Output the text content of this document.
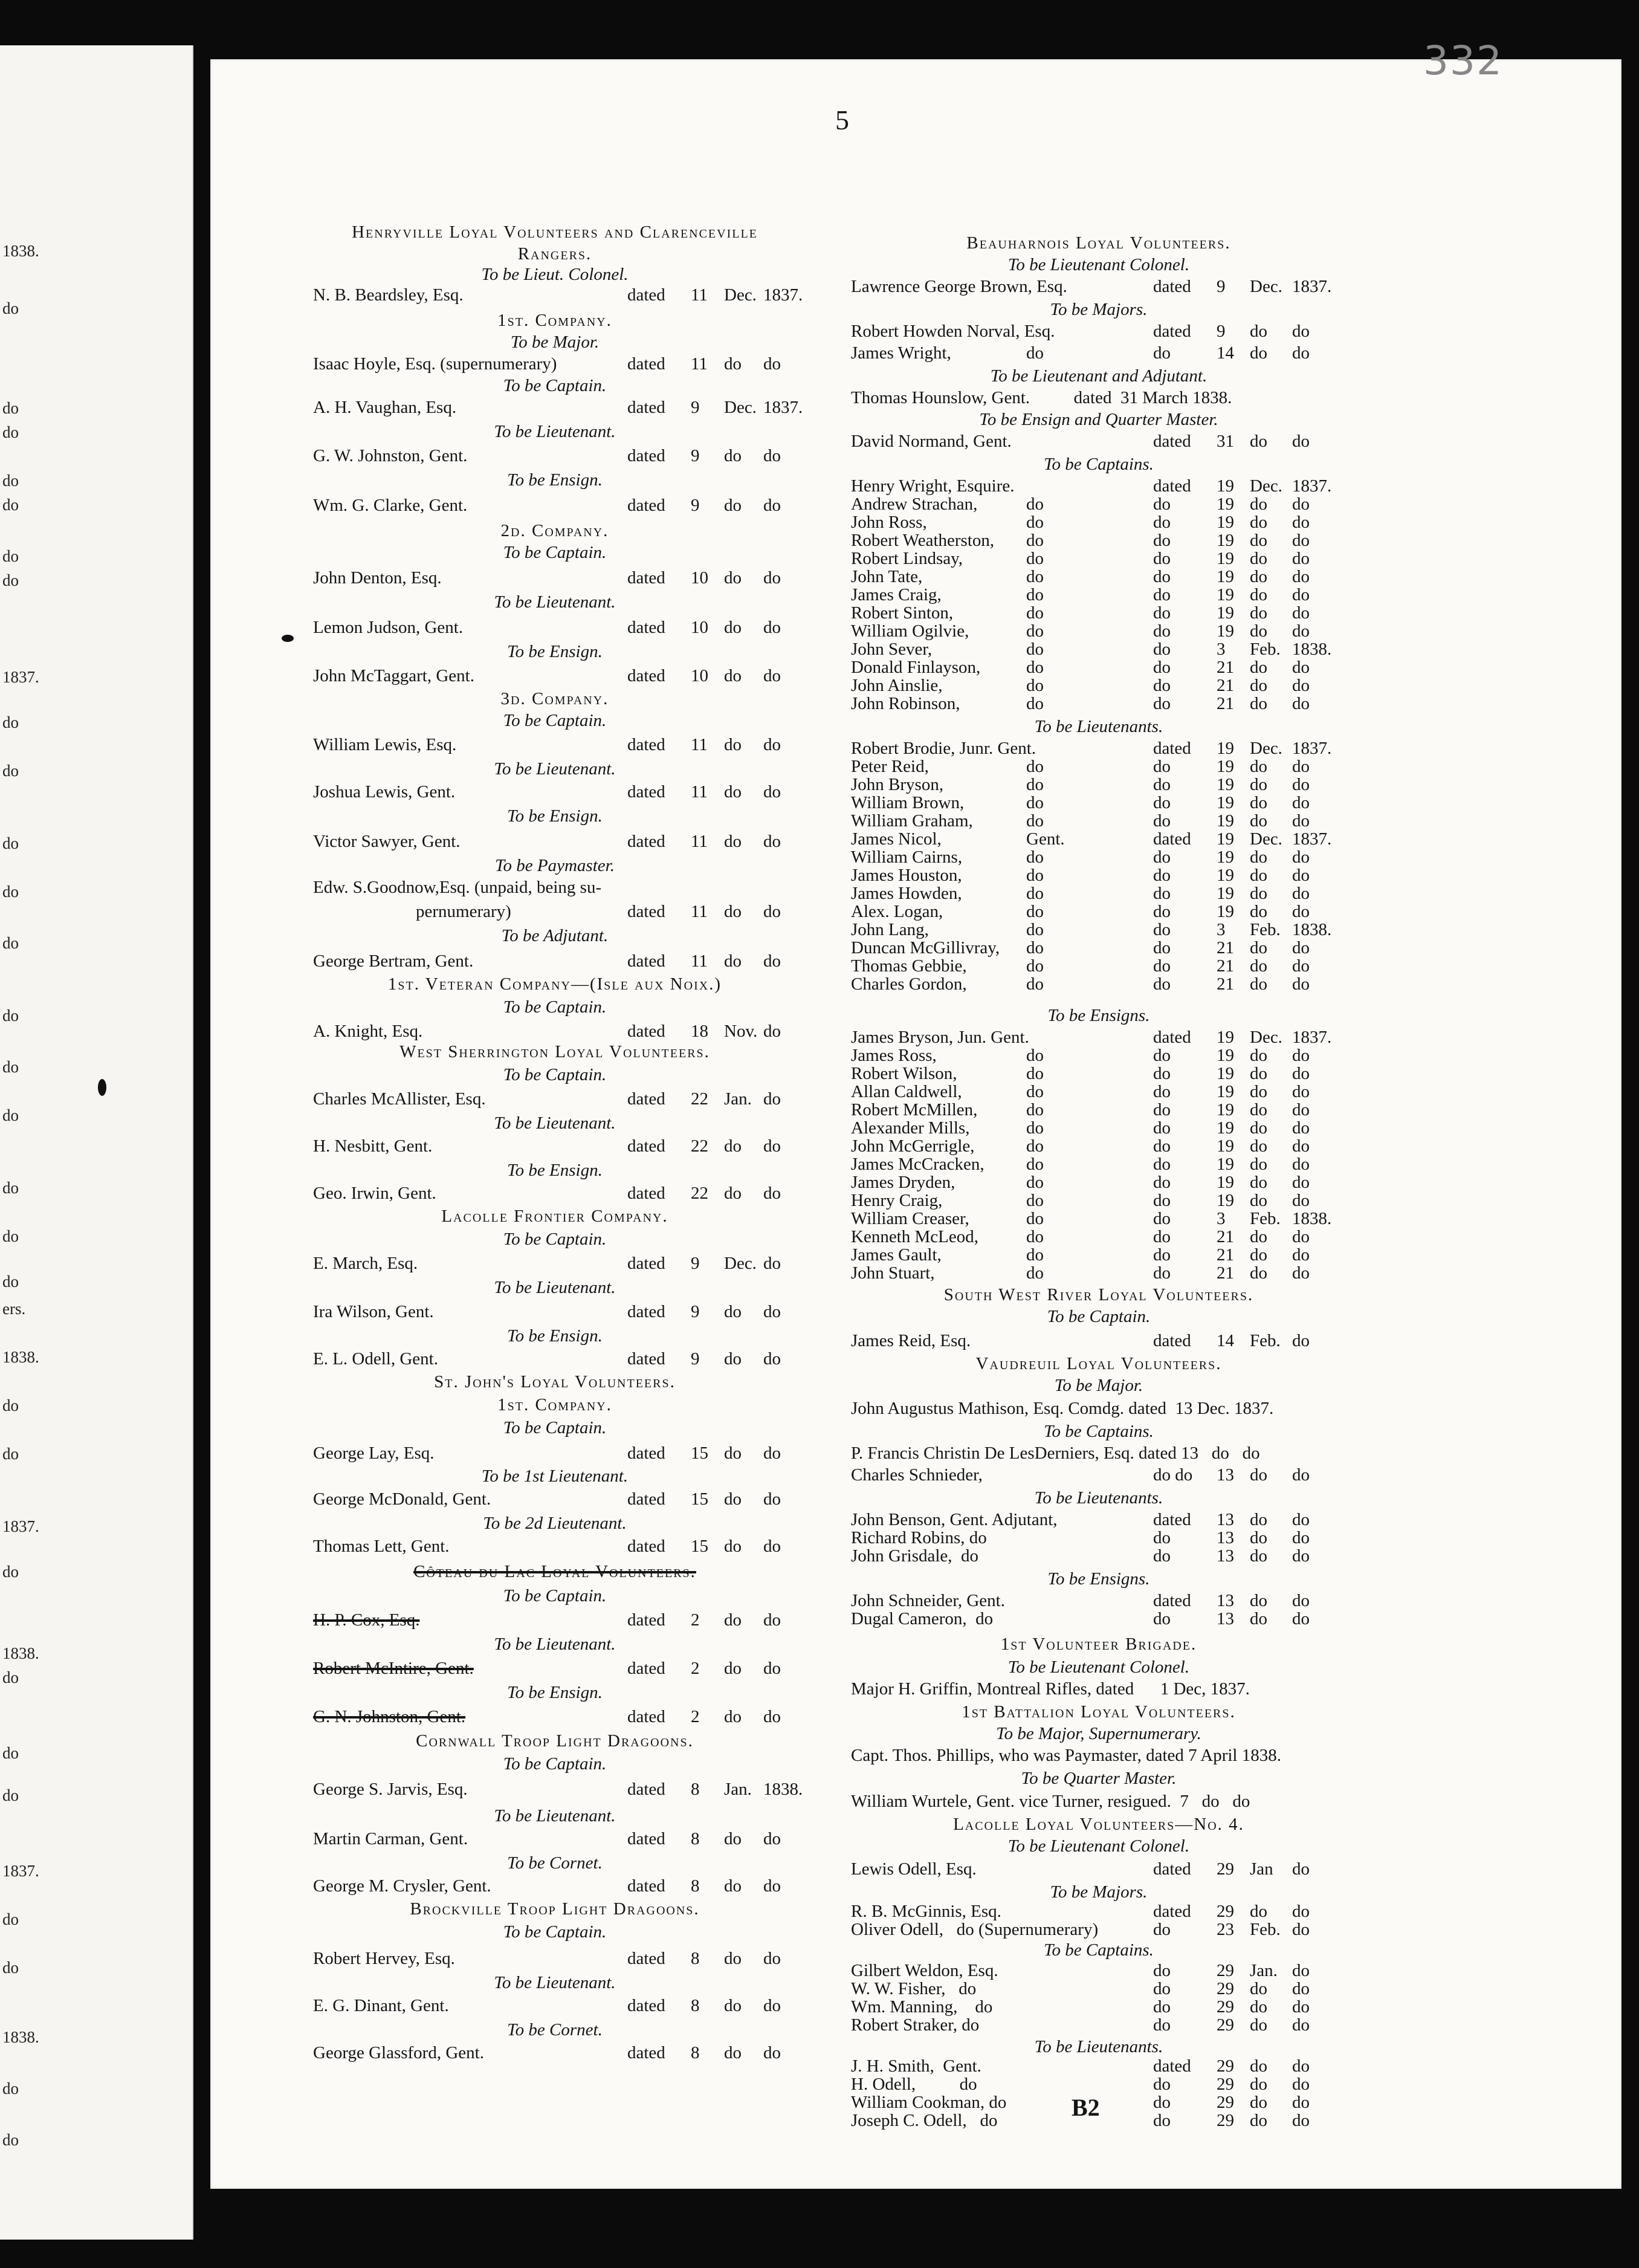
1838.
do
do
do
do
do
do
do
1837.
do
do
do
do
do
do
do
do
do
do
do
ers.
1838.
do
do
1837.
do
1838.
do
do
do
1837.
do
do
1838.
do
do
Henryville Loyal Volunteers and Clarenceville
Rangers.
To be Lieut. Colonel.
N. B. Beardsley, Esq.	dated 11 Dec. 1837.
1st. Company.
To be Major.
Isaac Hoyle, Esq. (supernumerary)	dated 11 do do
To be Captain.
A. H. Vaughan, Esq.	dated 9 Dec. 1837.
To be Lieutenant.
G. W. Johnston, Gent.	dated 9 do do
To be Ensign.
Wm. G. Clarke, Gent.	dated 9 do do
2d. Company.
To be Captain.
John Denton, Esq.	dated 10 do do
To be Lieutenant.
Lemon Judson, Gent.	dated 10 do do
To be Ensign.
John McTaggart, Gent.	dated 10 do do
3d. Company.
To be Captain.
William Lewis, Esq.	dated 11 do do
To be Lieutenant.
Joshua Lewis, Gent.	dated 11 do do
To be Ensign.
Victor Sawyer, Gent.	dated 11 do do
To be Paymaster.
Edw. S.Goodnow,Esq. (unpaid, being su-
pernumerary)	dated 11 do do
To be Adjutant.
George Bertram, Gent.	dated 11 do do
1st. Veteran Company—(Isle aux Noix.)
To be Captain.
A. Knight, Esq.	dated 18 Nov. do
West Sherrington Loyal Volunteers.
To be Captain.
Charles McAllister, Esq.	dated 22 Jan. do
To be Lieutenant.
H. Nesbitt, Gent.	dated 22 do do
To be Ensign.
Geo. Irwin, Gent.	dated 22 do do
Lacolle Frontier Company.
To be Captain.
E. March, Esq.	dated 9 Dec. do
To be Lieutenant.
Ira Wilson, Gent.	dated 9 do do
To be Ensign.
E. L. Odell, Gent.	dated 9 do do
St. John's Loyal Volunteers.
1st. Company.
To be Captain.
George Lay, Esq.	dated 15 do do
To be 1st Lieutenant.
George McDonald, Gent.	dated 15 do do
To be 2d Lieutenant.
Thomas Lett, Gent.	dated 15 do do
Côteau du Lac Loyal Volunteers.
To be Captain.
H. P. Cox, Esq.	dated 2 do do
To be Lieutenant.
Robert McIntire, Gent.	dated 2 do do
To be Ensign.
G. N. Johnston, Gent.	dated 2 do do
Cornwall Troop Light Dragoons.
To be Captain.
George S. Jarvis, Esq.	dated 8 Jan. 1838.
To be Lieutenant.
Martin Carman, Gent.	dated 8 do do
To be Cornet.
George M. Crysler, Gent.	dated 8 do do
Brockville Troop Light Dragoons.
To be Captain.
Robert Hervey, Esq.	dated 8 do do
To be Lieutenant.
E. G. Dinant, Gent.	dated 8 do do
To be Cornet.
George Glassford, Gent.	dated 8 do do
Beauharnois Loyal Volunteers.
To be Lieutenant Colonel.
Lawrence George Brown, Esq.	dated 9 Dec. 1837.
To be Majors.
Robert Howden Norval, Esq.	dated 9 do do
James Wright,	do	do	14 do do
To be Lieutenant and Adjutant.
Thomas Hounslow, Gent.          dated  31 March 1838.
To be Ensign and Quarter Master.
David Normand, Gent.	dated 31 do do
To be Captains.
Henry Wright, Esquire.	dated 19 Dec. 1837.
Andrew Strachan,	do	do	19 do do
John Ross,	do	do	19 do do
Robert Weatherston, do	do	19 do do
Robert Lindsay,	do	do	19 do do
John Tate,	do	do	19 do do
James Craig,	do	do	19 do do
Robert Sinton,	do	do	19 do do
William Ogilvie,	do	do	19 do do
John Sever,	do	do	3 Feb. 1838.
Donald Finlayson,	do	do	21 do do
John Ainslie,	do	do	21 do do
John Robinson,	do	do	21 do do
To be Lieutenants.
Robert Brodie, Junr. Gent.	dated 19 Dec. 1837.
Peter Reid,	do	do	19 do do
John Bryson,	do	do	19 do do
William Brown,	do	do	19 do do
William Graham,	do	do	19 do do
James Nicol,	Gent.	dated 19 Dec. 1837.
William Cairns,	do	do	19 do do
James Houston,	do	do	19 do do
James Howden,	do	do	19 do do
Alex. Logan,	do	do	19 do do
John Lang,	do	do	3 Feb. 1838.
Duncan McGillivray, do	do	21 do do
Thomas Gebbie,	do	do	21 do do
Charles Gordon,	do	do	21 do do
To be Ensigns.
James Bryson, Jun. Gent.	dated 19 Dec. 1837.
James Ross,	do	do	19 do do
Robert Wilson,	do	do	19 do do
Allan Caldwell,	do	do	19 do do
Robert McMillen,	do	do	19 do do
Alexander Mills,	do	do	19 do do
John McGerrigle,	do	do	19 do do
James McCracken, do	do	19 do do
James Dryden,	do	do	19 do do
Henry Craig,	do	do	19 do do
William Creaser,	do	do	3 Feb. 1838.
Kenneth McLeod,	do	do	21 do do
James Gault,	do	do	21 do do
John Stuart,	do	do	21 do do
South West River Loyal Volunteers.
To be Captain.
James Reid, Esq.	dated 14 Feb. do
Vaudreuil Loyal Volunteers.
To be Major.
John Augustus Mathison, Esq. Comdg. dated  13 Dec. 1837.
To be Captains.
P. Francis Christin De LesDerniers, Esq. dated 13   do   do
Charles Schnieder,	do do 13 do do
To be Lieutenants.
John Benson, Gent. Adjutant,	dated 13 do do
Richard Robins, do	do	13 do do
John Grisdale,  do	do	13 do do
To be Ensigns.
John Schneider, Gent.	dated 13 do do
Dugal Cameron,  do	do	13 do do
1st Volunteer Brigade.
To be Lieutenant Colonel.
Major H. Griffin, Montreal Rifles, dated      1 Dec, 1837.
1st Battalion Loyal Volunteers.
To be Major, Supernumerary.
Capt. Thos. Phillips, who was Paymaster, dated 7 April 1838.
To be Quarter Master.
William Wurtele, Gent. vice Turner, resigued.  7   do   do
Lacolle Loyal Volunteers—No. 4.
To be Lieutenant Colonel.
Lewis Odell, Esq.	dated 29 Jan do
To be Majors.
R. B. McGinnis, Esq.	dated 29 do do
Oliver Odell,   do (Supernumerary)	do	23 Feb. do
To be Captains.
Gilbert Weldon, Esq.	do	29 Jan. do
W. W. Fisher,   do	do	29 do do
Wm. Manning,    do	do	29 do do
Robert Straker, do	do	29 do do
To be Lieutenants.
J. H. Smith,  Gent.	dated 29 do do
H. Odell,          do	do	29 do do
William Cookman, do	do	29 do do
Joseph C. Odell,   do	do	29 do do
332
5
B2
